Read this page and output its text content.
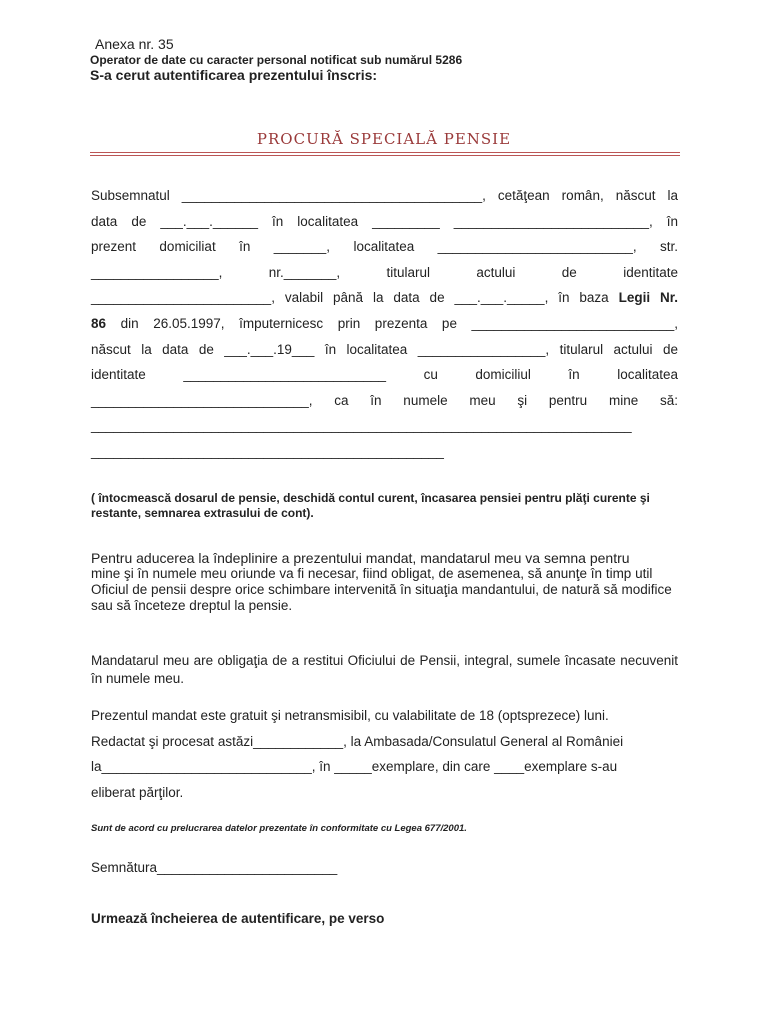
Anexa nr. 35
Operator de date cu caracter personal notificat sub numărul 5286
S-a cerut autentificarea prezentului înscris:
PROCURĂ SPECIALĂ PENSIE
Subsemnatul ________________________________________, cetăţean român, născut la
data de ___.___.______ în localitatea _________ __________________________, în
prezent domiciliat în _______, localitatea __________________________, str.
_________________, nr._______, titularul actului de identitate
________________________, valabil până la data de ___.___._____, în baza Legii Nr.
86 din 26.05.1997, împuternicesc prin prezenta pe ___________________________,
născut la data de ___.___.19___ în localitatea _________________, titularul actului de
identitate ___________________________ cu domiciliul în localitatea
_____________________________, ca în numele meu şi pentru mine să:
________________________________________________________________________
_______________________________________________
( întocmească dosarul de pensie, deschidă contul curent, încasarea pensiei pentru plăţi curente şi restante, semnarea extrasului de cont).
Pentru aducerea la îndeplinire a prezentului mandat, mandatarul meu va semna pentru
mine şi în numele meu oriunde va fi necesar, fiind obligat, de asemenea, să anunţe în timp util Oficiul de pensii despre orice schimbare intervenită în situaţia mandantului, de natură să modifice sau să înceteze dreptul la pensie.
Mandatarul meu are obligaţia de a restitui Oficiului de Pensii, integral, sumele încasate necuvenit în numele meu.
Prezentul mandat este gratuit şi netransmisibil, cu valabilitate de 18 (optsprezece) luni.
Redactat şi procesat astăzi____________, la Ambasada/Consulatul General al României
la____________________________, în _____exemplare, din care ____exemplare s-au
eliberat părţilor.
Sunt de acord cu prelucrarea datelor prezentate în conformitate cu Legea 677/2001.
Semnătura________________________
Urmează încheierea de autentificare, pe verso
